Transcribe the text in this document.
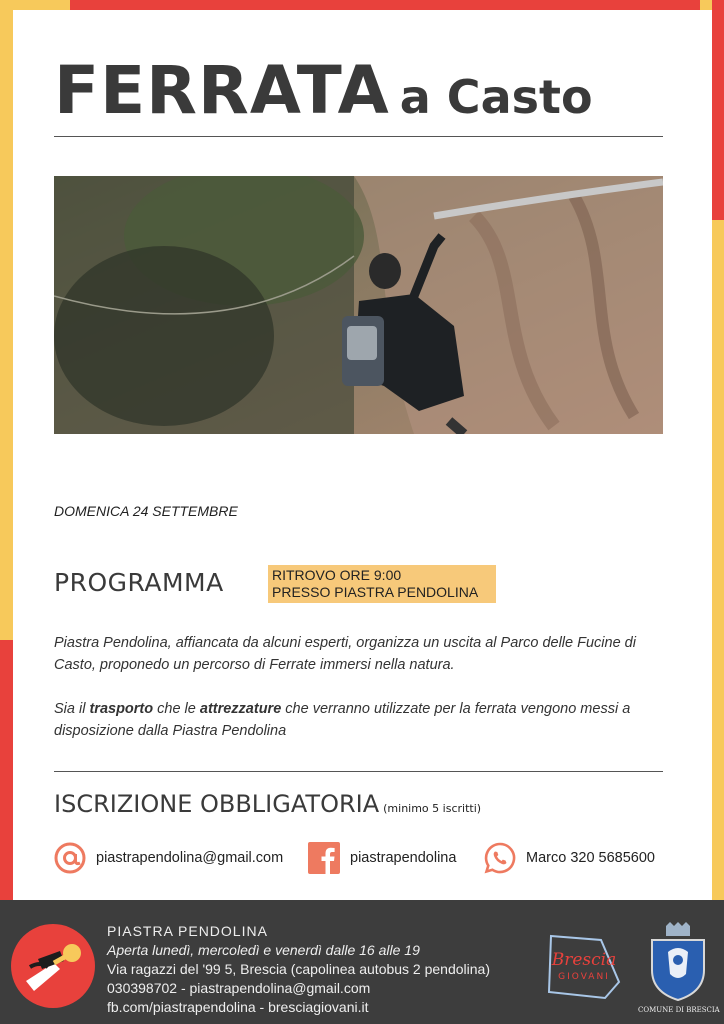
FERRATA a Casto
DOMENICA 24 SETTEMBRE
PROGRAMMA	RITROVO ORE 9:00
PRESSO PIASTRA PENDOLINA
Piastra Pendolina, affiancata da alcuni esperti, organizza un uscita al Parco delle Fucine di Casto, proponedo un percorso di Ferrate immersi nella natura.
Sia il trasporto che le attrezzature che verranno utilizzate per la ferrata vengono messi a disposizione dalla Piastra Pendolina
ISCRIZIONE OBBLIGATORIA (minimo 5 iscritti)
piastrapendolina@gmail.com	piastrapendolina	Marco 320 5685600
PIASTRA PENDOLINA
Aperta lunedì, mercoledì e venerdì dalle 16 alle 19
Via ragazzi del '99 5, Brescia (capolinea autobus 2 pendolina)
030398702 - piastrapendolina@gmail.com
fb.com/piastrapendolina - bresciagiovani.it
Brescia
GIOVANI
COMUNE DI BRESCIA
